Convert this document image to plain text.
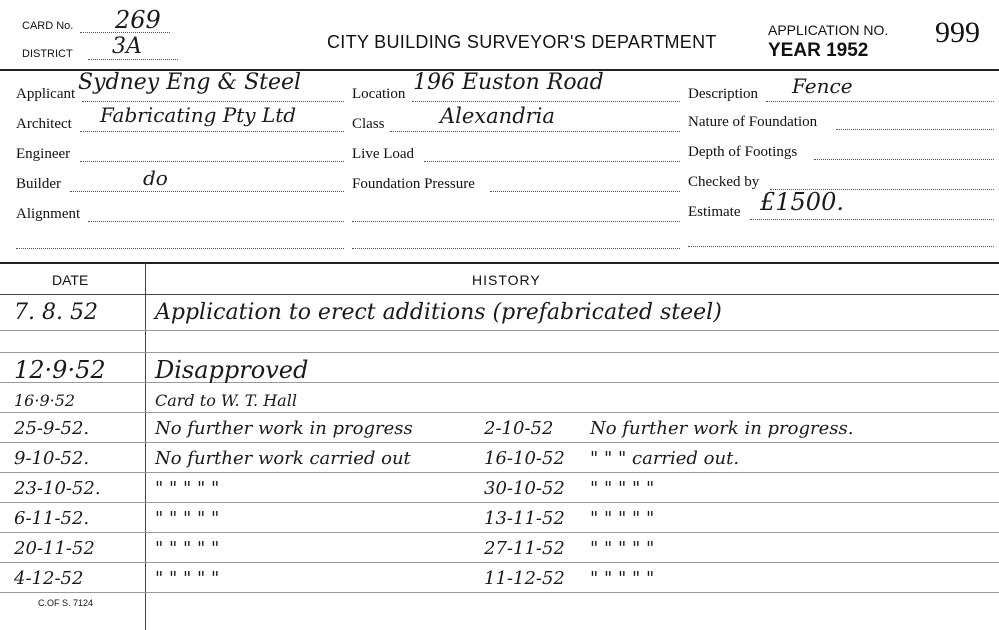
CARD No. 269
DISTRICT 3A	CITY BUILDING SURVEYOR'S DEPARTMENT
APPLICATION NO.
YEAR 1952
999
Applicant Sydney Eng & Steel
Architect Fabricating Pty Ltd
Engineer
Builder	do
Alignment
Location 196 Euston Road
Class	Alexandria
Live Load
Foundation Pressure
Description Fence
Nature of Foundation
Depth of Footings
Checked by
Estimate £1500.
DATE	HISTORY
7. 8. 52	Application to erect additions (prefabricated steel)
12·9·52 Disapproved
16·9·52	Card to W. T. Hall
25-9-52.	No further work in progress	2-10-52 No further work in progress.
9-10-52.	No further work carried out	16-10-52 " " " carried out.
23-10-52.	" " " " "	30-10-52 " " " " "
6-11-52.	" " " " "	13-11-52 " " " " "
20-11-52	" " " " "	27-11-52 " " " " "
4-12-52	" " " " "	11-12-52 " " " " "
C.OF S. 7124
